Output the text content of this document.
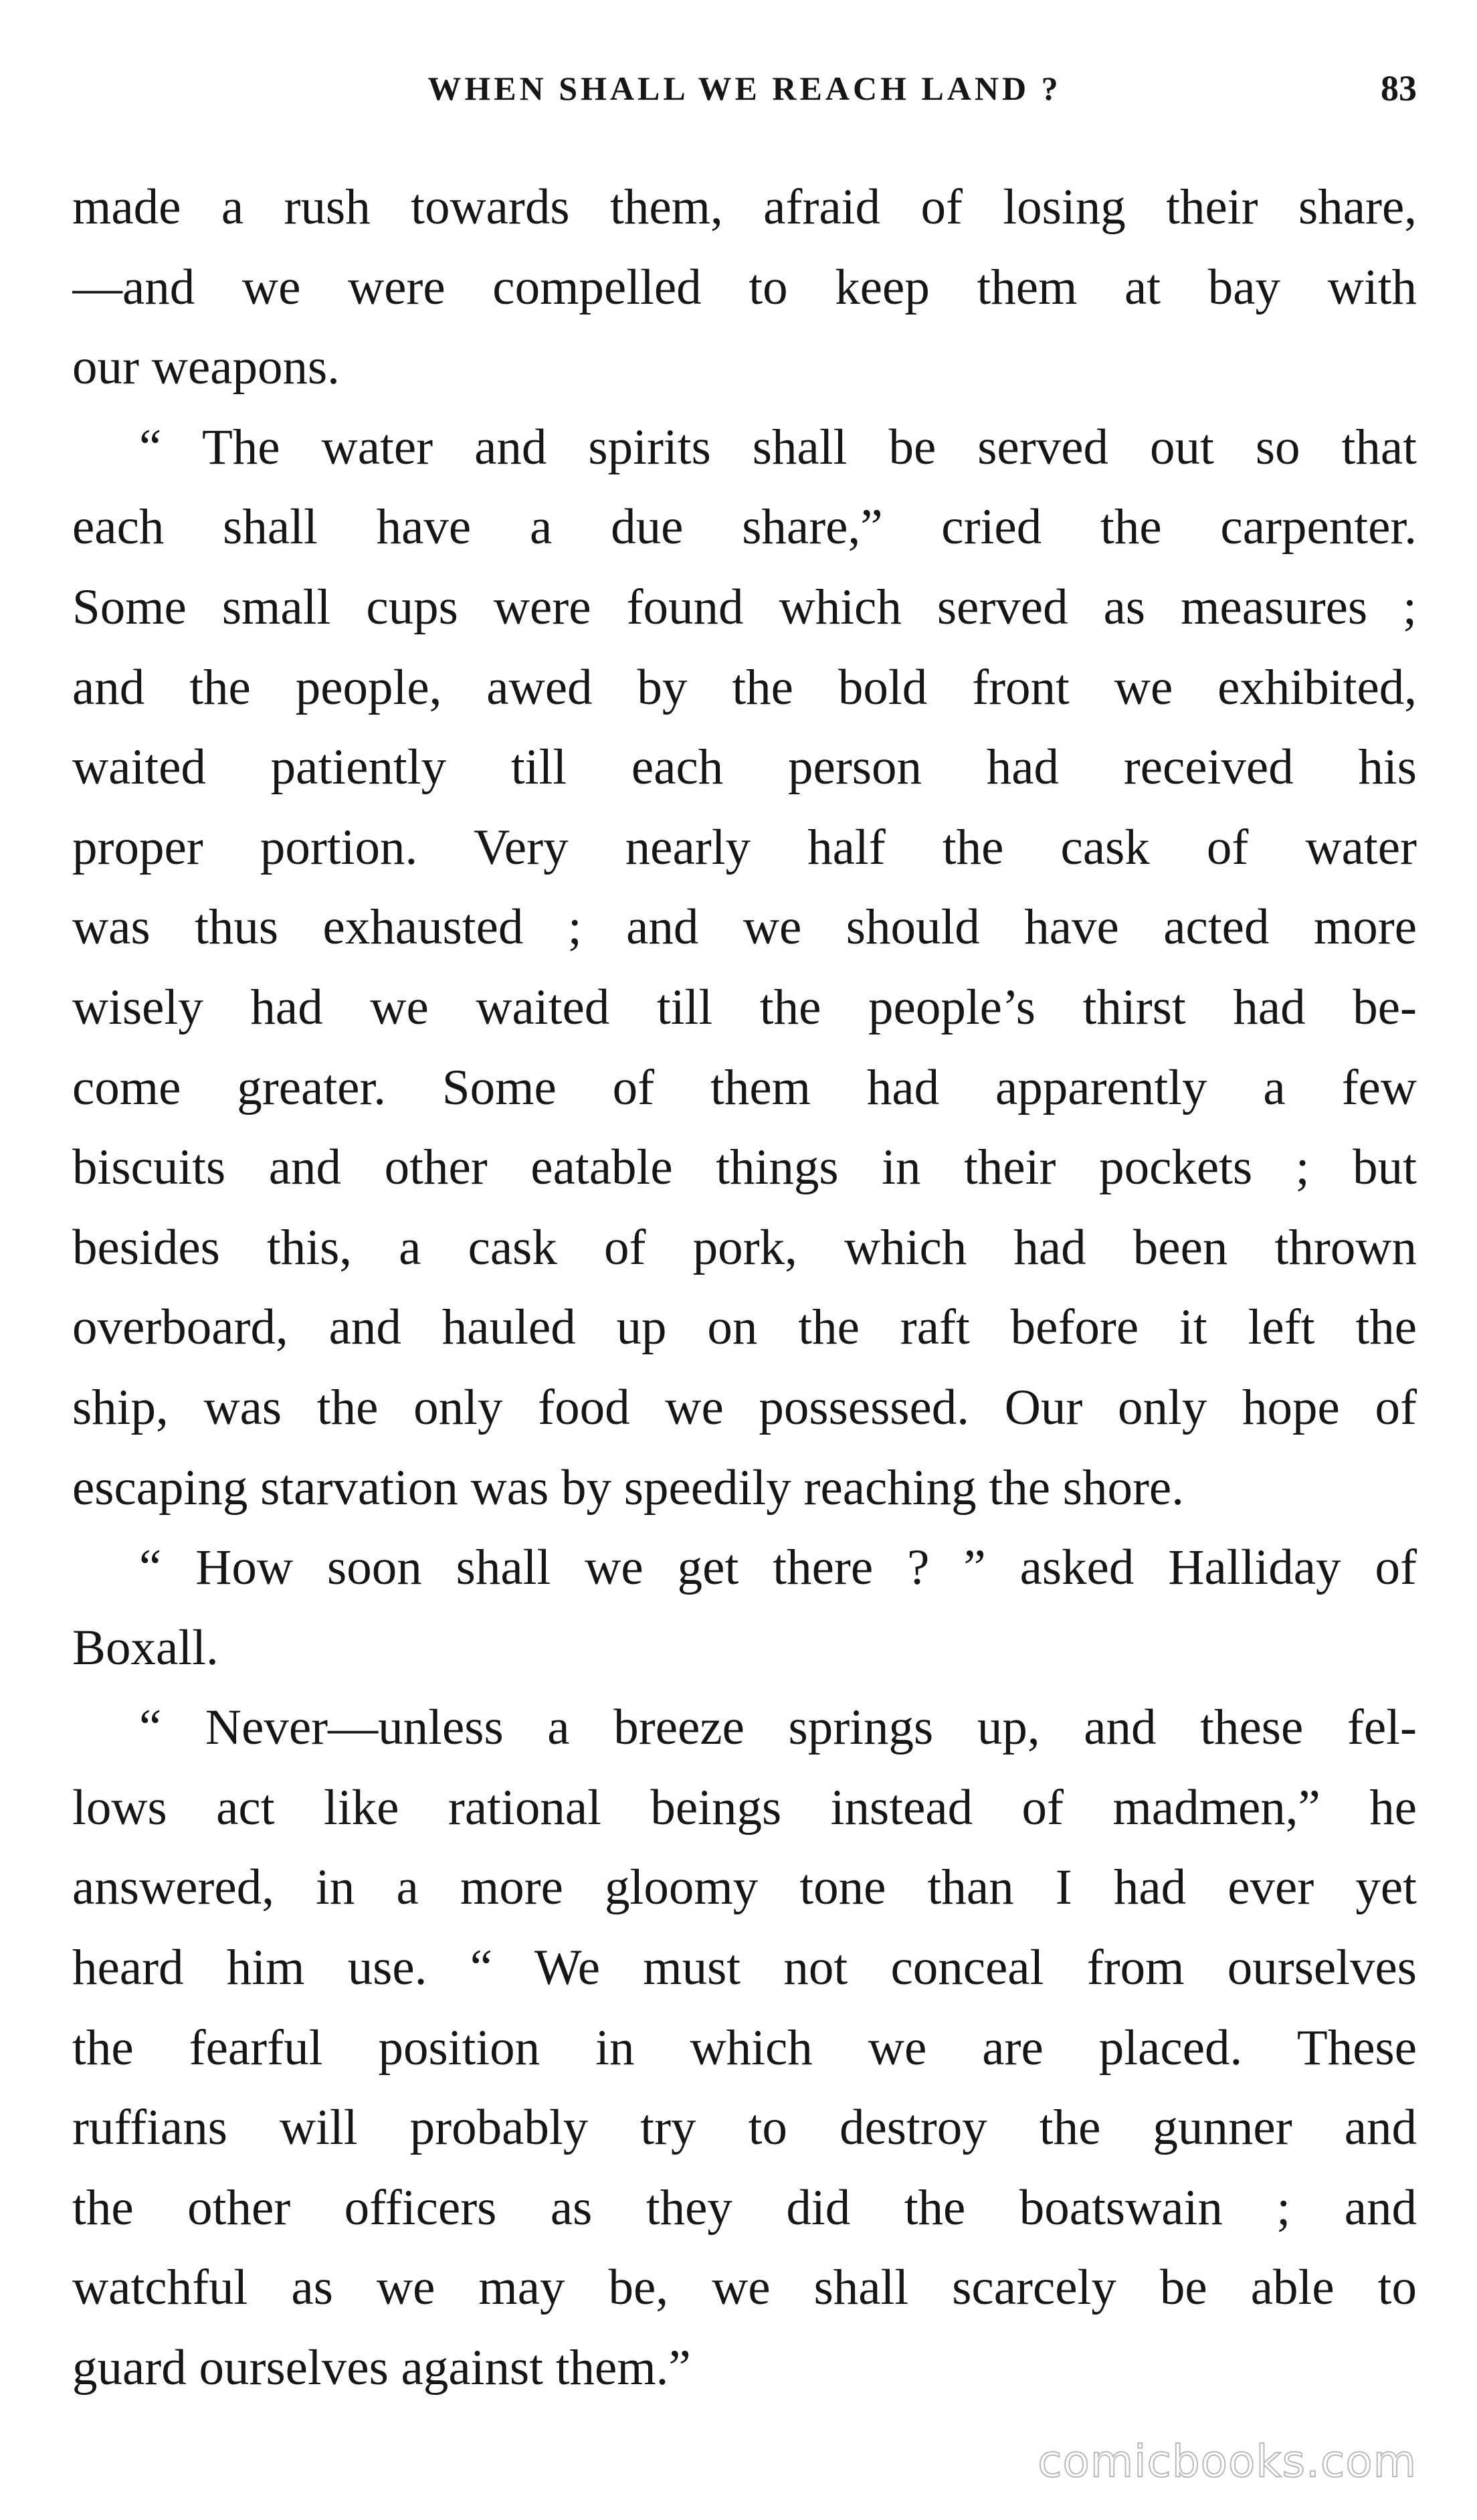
WHEN SHALL WE REACH LAND ?	83
made a rush towards them, afraid of losing their share,
—and we were compelled to keep them at bay with
our weapons.
“ The water and spirits shall be served out so that
each shall have a due share,” cried the carpenter.
Some small cups were found which served as measures ;
and the people, awed by the bold front we exhibited,
waited patiently till each person had received his
proper portion. Very nearly half the cask of water
was thus exhausted ; and we should have acted more
wisely had we waited till the people’s thirst had be-
come greater. Some of them had apparently a few
biscuits and other eatable things in their pockets ; but
besides this, a cask of pork, which had been thrown
overboard, and hauled up on the raft before it left the
ship, was the only food we possessed. Our only hope of
escaping starvation was by speedily reaching the shore.
“ How soon shall we get there ? ” asked Halliday of
Boxall.
“ Never—unless a breeze springs up, and these fel-
lows act like rational beings instead of madmen,” he
answered, in a more gloomy tone than I had ever yet
heard him use. “ We must not conceal from ourselves
the fearful position in which we are placed. These
ruffians will probably try to destroy the gunner and
the other officers as they did the boatswain ; and
watchful as we may be, we shall scarcely be able to
guard ourselves against them.”
comicbooks.com
